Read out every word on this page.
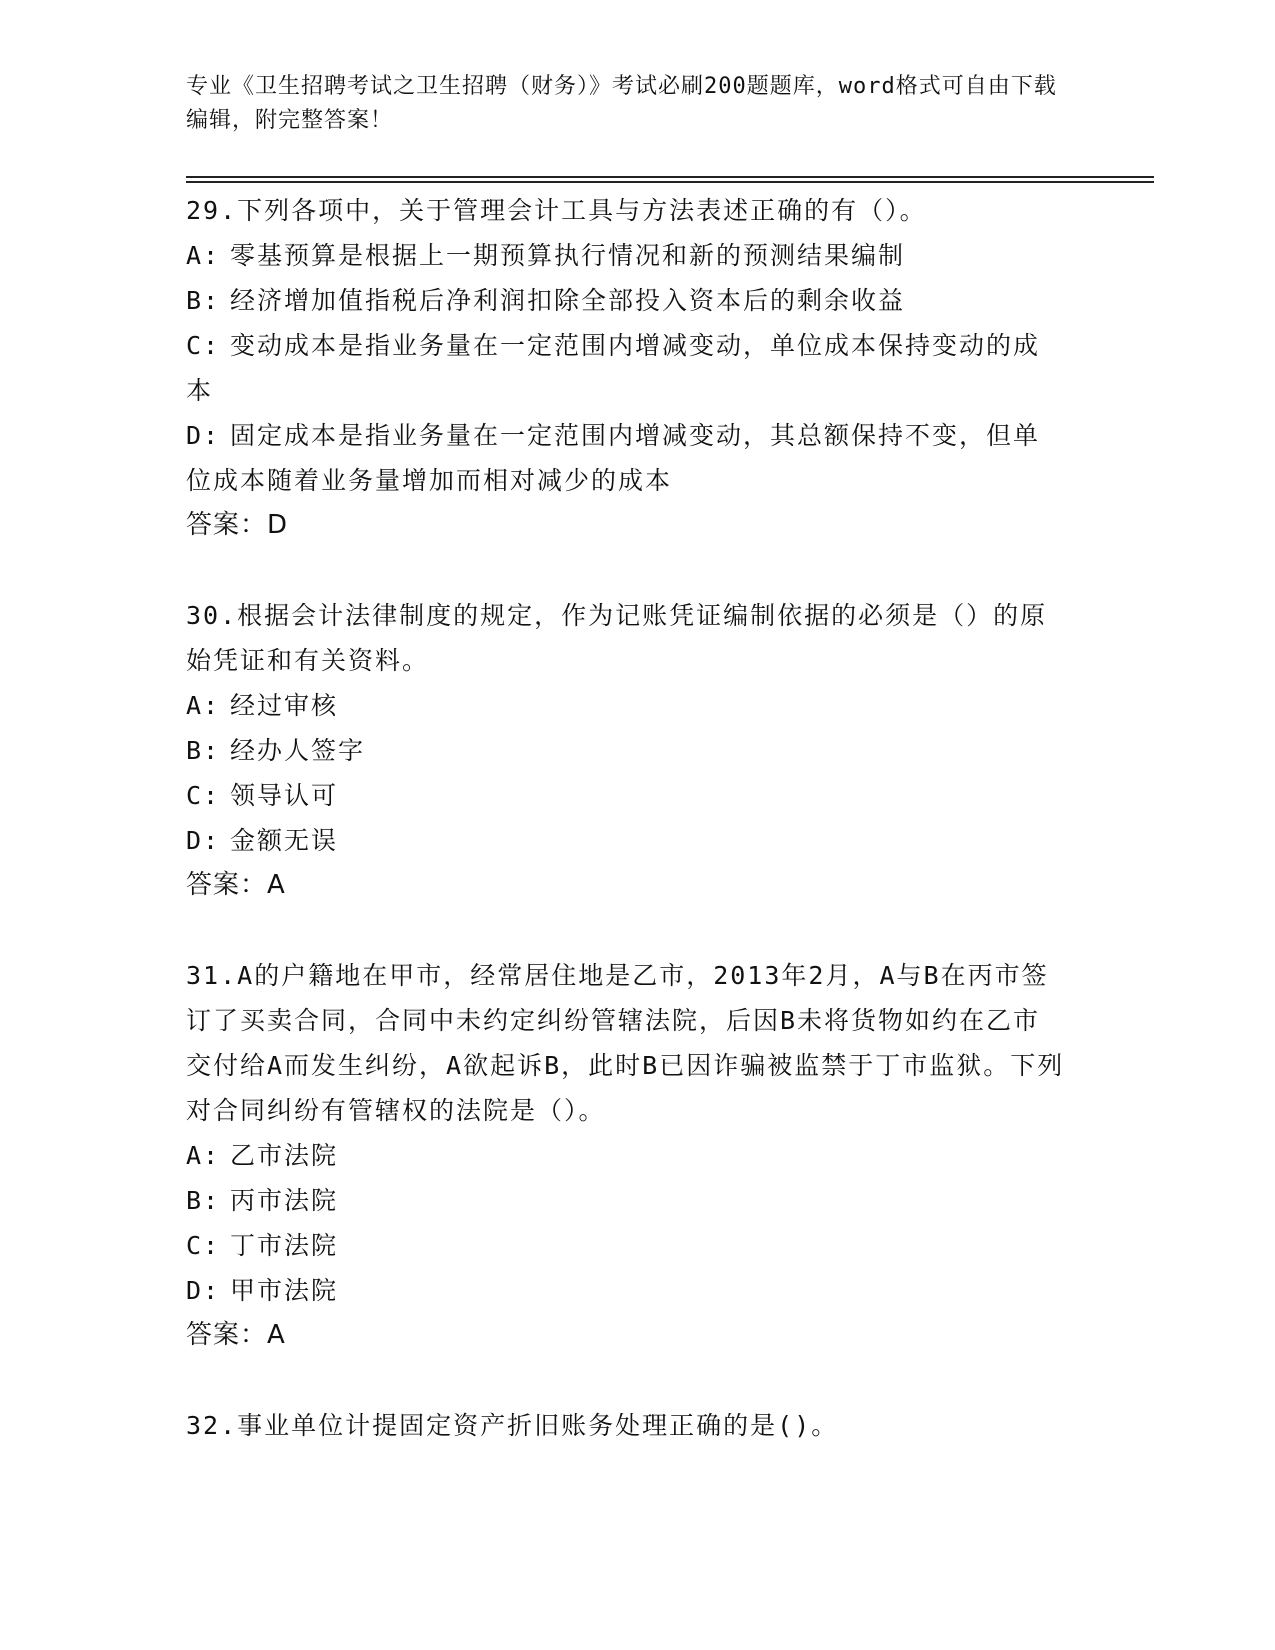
专业《卫生招聘考试之卫生招聘（财务）》考试必刷200题题库，word格式可自由下载编辑，附完整答案！
29.下列各项中，关于管理会计工具与方法表述正确的有（）。
A: 零基预算是根据上一期预算执行情况和新的预测结果编制
B: 经济增加值指税后净利润扣除全部投入资本后的剩余收益
C: 变动成本是指业务量在一定范围内增减变动，单位成本保持变动的成本
D: 固定成本是指业务量在一定范围内增减变动，其总额保持不变，但单位成本随着业务量增加而相对减少的成本
答案：D
30.根据会计法律制度的规定，作为记账凭证编制依据的必须是（）的原始凭证和有关资料。
A: 经过审核
B: 经办人签字
C: 领导认可
D: 金额无误
答案：A
31.A的户籍地在甲市，经常居住地是乙市，2013年2月，A与B在丙市签订了买卖合同，合同中未约定纠纷管辖法院，后因B未将货物如约在乙市交付给A而发生纠纷，A欲起诉B，此时B已因诈骗被监禁于丁市监狱。下列对合同纠纷有管辖权的法院是（）。
A: 乙市法院
B: 丙市法院
C: 丁市法院
D: 甲市法院
答案：A
32.事业单位计提固定资产折旧账务处理正确的是()。
